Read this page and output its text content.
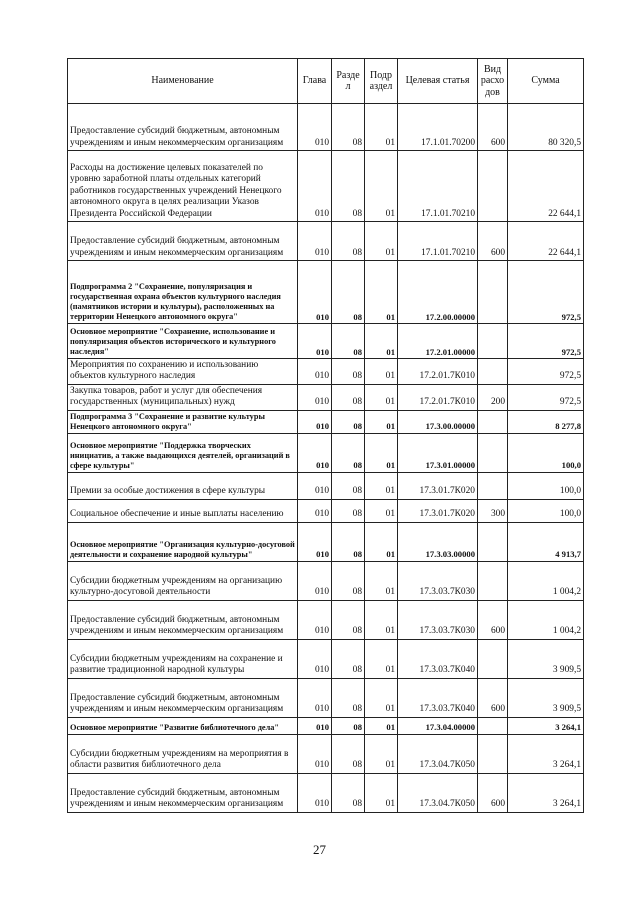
Наименование	Глава	Разде л	Подр аздел	Целевая статья	Вид расхо дов	Сумма
Предоставление субсидий бюджетным, автономным учреждениям и иным некоммерческим организациям	010	08	01	17.1.01.70200	600	80 320,5
Расходы на достижение целевых показателей по уровню заработной платы отдельных категорий работников государственных учреждений Ненецкого автономного округа в целях реализации Указов Президента Российской Федерации	010	08	01	17.1.01.70210		22 644,1
Предоставление субсидий бюджетным, автономным учреждениям и иным некоммерческим организациям	010	08	01	17.1.01.70210	600	22 644,1
Подпрограмма 2 "Сохранение, популяризация и государственная охрана объектов культурного наследия (памятников истории и культуры), расположенных на территории Ненецкого автономного округа"	010	08	01	17.2.00.00000		972,5
Основное мероприятие "Сохранение, использование и популяризация объектов исторического и культурного наследия"	010	08	01	17.2.01.00000		972,5
Мероприятия по сохранению и использованию объектов культурного наследия	010	08	01	17.2.01.7К010		972,5
Закупка товаров, работ и услуг для обеспечения государственных (муниципальных) нужд	010	08	01	17.2.01.7К010	200	972,5
Подпрограмма 3 "Сохранение и развитие культуры Ненецкого автономного округа"	010	08	01	17.3.00.00000		8 277,8
Основное мероприятие "Поддержка творческих инициатив, а также выдающихся деятелей, организаций в сфере культуры"	010	08	01	17.3.01.00000		100,0
Премии за особые достижения в сфере культуры	010	08	01	17.3.01.7К020		100,0
Социальное обеспечение и иные выплаты населению	010	08	01	17.3.01.7К020	300	100,0
Основное мероприятие "Организация культурно-досуговой деятельности и сохранение народной культуры"	010	08	01	17.3.03.00000		4 913,7
Субсидии бюджетным учреждениям на организацию культурно-досуговой деятельности	010	08	01	17.3.03.7К030		1 004,2
Предоставление субсидий бюджетным, автономным учреждениям и иным некоммерческим организациям	010	08	01	17.3.03.7К030	600	1 004,2
Субсидии бюджетным учреждениям на сохранение и развитие традиционной народной культуры	010	08	01	17.3.03.7К040		3 909,5
Предоставление субсидий бюджетным, автономным учреждениям и иным некоммерческим организациям	010	08	01	17.3.03.7К040	600	3 909,5
Основное мероприятие "Развитие библиотечного дела"	010	08	01	17.3.04.00000		3 264,1
Субсидии бюджетным учреждениям на мероприятия в области развития библиотечного дела	010	08	01	17.3.04.7К050		3 264,1
Предоставление субсидий бюджетным, автономным учреждениям и иным некоммерческим организациям	010	08	01	17.3.04.7К050	600	3 264,1
27
